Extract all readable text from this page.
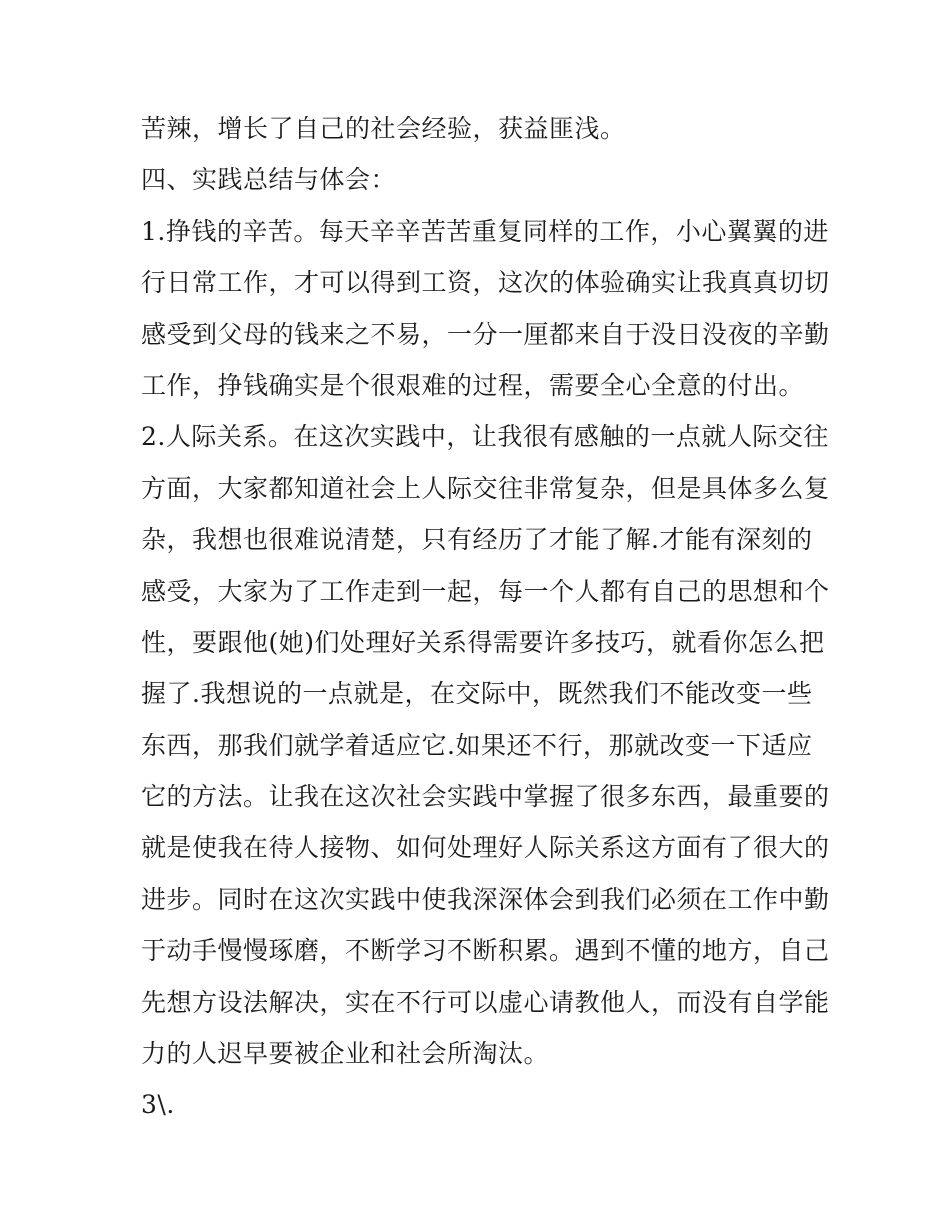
苦辣，增长了自己的社会经验，获益匪浅。
四、实践总结与体会：
1.挣钱的辛苦。每天辛辛苦苦重复同样的工作，小心翼翼的进
行日常工作，才可以得到工资，这次的体验确实让我真真切切
感受到父母的钱来之不易，一分一厘都来自于没日没夜的辛勤
工作，挣钱确实是个很艰难的过程，需要全心全意的付出。
2.人际关系。在这次实践中，让我很有感触的一点就人际交往
方面，大家都知道社会上人际交往非常复杂，但是具体多么复
杂，我想也很难说清楚，只有经历了才能了解.才能有深刻的
感受，大家为了工作走到一起，每一个人都有自己的思想和个
性，要跟他(她)们处理好关系得需要许多技巧，就看你怎么把
握了.我想说的一点就是，在交际中，既然我们不能改变一些
东西，那我们就学着适应它.如果还不行，那就改变一下适应
它的方法。让我在这次社会实践中掌握了很多东西，最重要的
就是使我在待人接物、如何处理好人际关系这方面有了很大的
进步。同时在这次实践中使我深深体会到我们必须在工作中勤
于动手慢慢琢磨，不断学习不断积累。遇到不懂的地方，自己
先想方设法解决，实在不行可以虚心请教他人，而没有自学能
力的人迟早要被企业和社会所淘汰。
3\.
